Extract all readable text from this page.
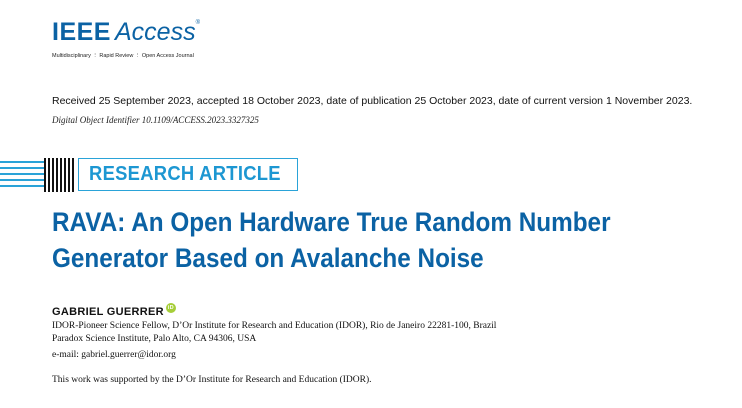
IEEE Access®
Multidisciplinary ⋮ Rapid Review ⋮ Open Access Journal
Received 25 September 2023, accepted 18 October 2023, date of publication 25 October 2023, date of current version 1 November 2023.
Digital Object Identifier 10.1109/ACCESS.2023.3327325
RESEARCH ARTICLE
RAVA: An Open Hardware True Random Number
Generator Based on Avalanche Noise
GABRIEL GUERRER iD
IDOR-Pioneer Science Fellow, D’Or Institute for Research and Education (IDOR), Rio de Janeiro 22281-100, Brazil
Paradox Science Institute, Palo Alto, CA 94306, USA
e-mail: gabriel.guerrer@idor.org
This work was supported by the D’Or Institute for Research and Education (IDOR).
